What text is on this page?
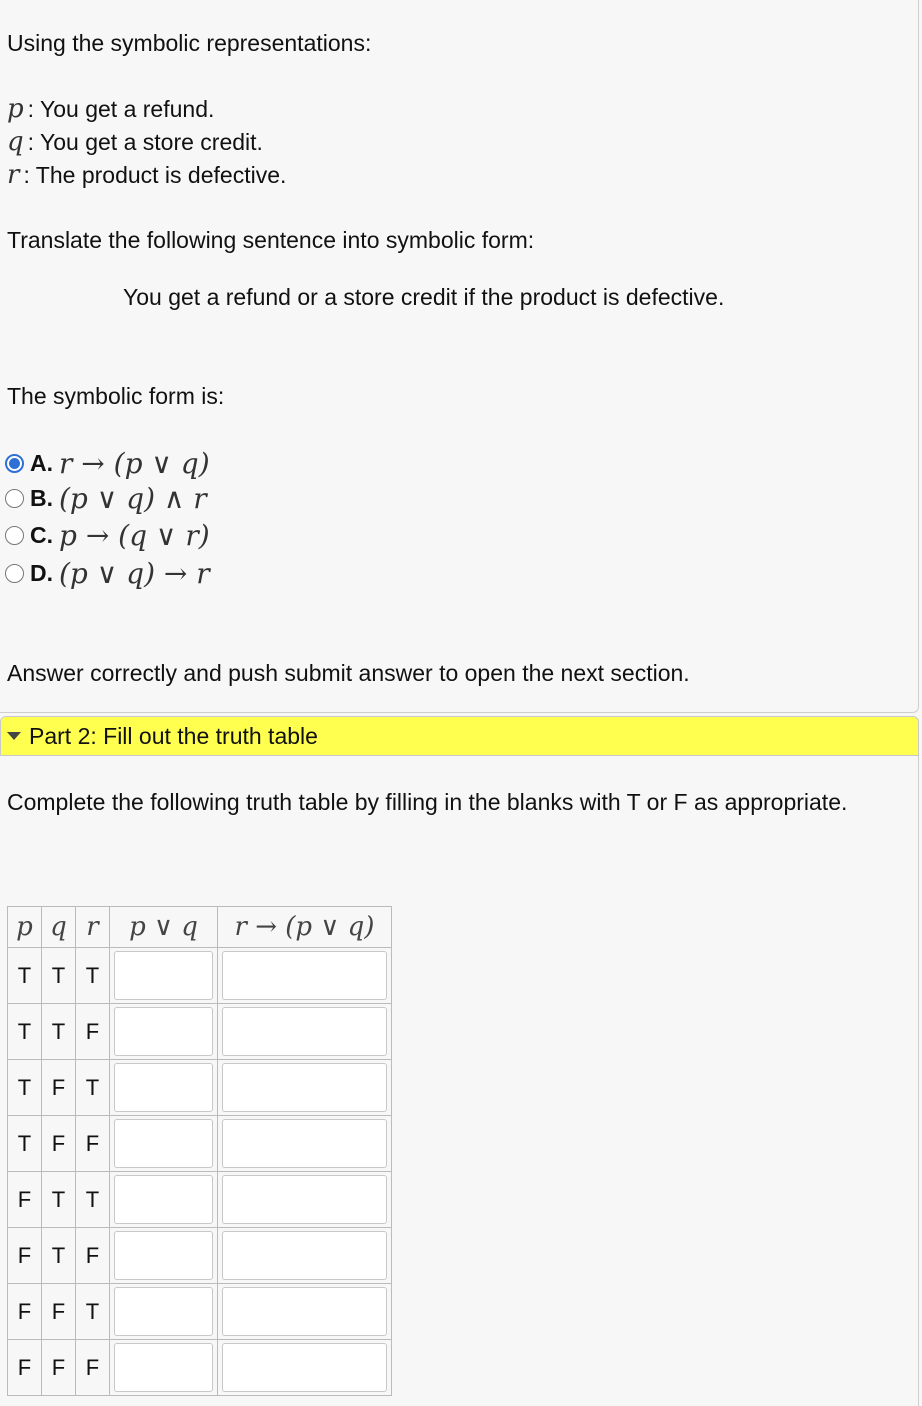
Using the symbolic representations:
p : You get a refund.
q : You get a store credit.
r : The product is defective.
Translate the following sentence into symbolic form:
You get a refund or a store credit if the product is defective.
The symbolic form is:
A. r → (p ∨ q)
B. (p ∨ q) ∧ r
C. p → (q ∨ r)
D. (p ∨ q) → r
Answer correctly and push submit answer to open the next section.
Part 2: Fill out the truth table
Complete the following truth table by filling in the blanks with T or F as appropriate.
p	q	r	p ∨ q	r → (p ∨ q)
T	T	T	

T	T	F	

T	F	T	

T	F	F	

F	T	T	

F	T	F	

F	F	T	

F	F	F	
